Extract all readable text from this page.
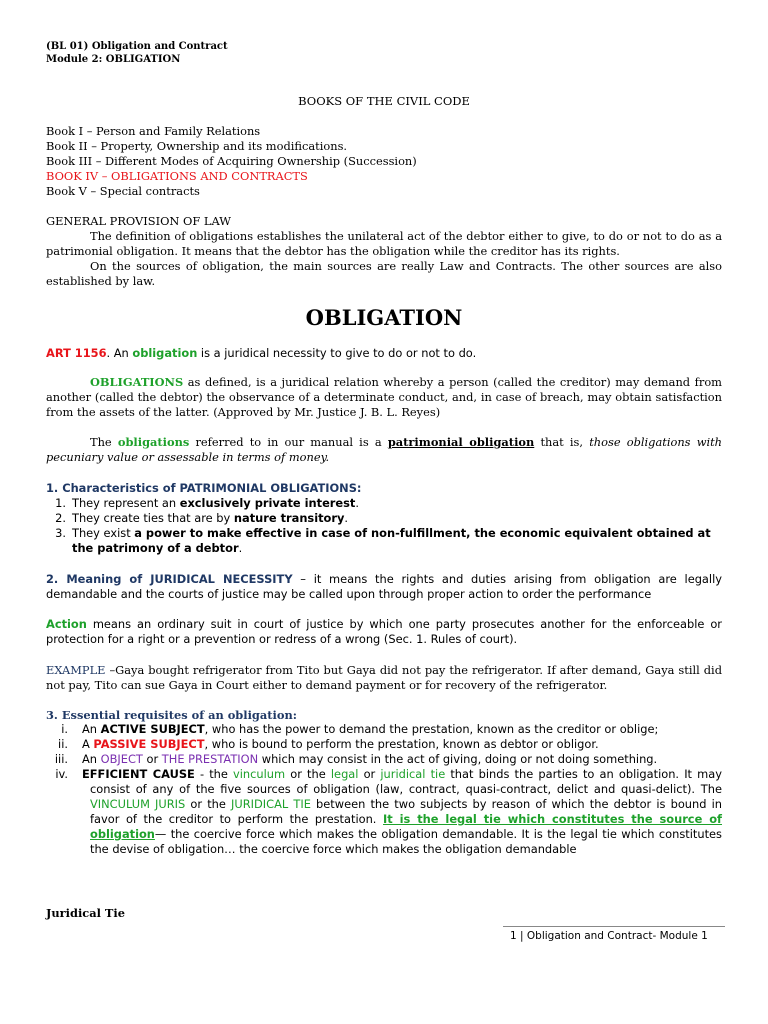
(BL 01) Obligation and Contract
Module 2: OBLIGATION
BOOKS OF THE CIVIL CODE
Book I – Person and Family Relations
Book II – Property, Ownership and its modifications.
Book III – Different Modes of Acquiring Ownership (Succession)
BOOK IV – OBLIGATIONS AND CONTRACTS
Book V – Special contracts
GENERAL PROVISION OF LAW
The definition of obligations establishes the unilateral act of the debtor either to give, to do or not to do as a patrimonial obligation. It means that the debtor has the obligation while the creditor has its rights.
On the sources of obligation, the main sources are really Law and Contracts. The other sources are also established by law.
OBLIGATION
ART 1156. An obligation is a juridical necessity to give to do or not to do.
OBLIGATIONS as defined, is a juridical relation whereby a person (called the creditor) may demand from another (called the debtor) the observance of a determinate conduct, and, in case of breach, may obtain satisfaction from the assets of the latter. (Approved by Mr. Justice J. B. L. Reyes)
The obligations referred to in our manual is a patrimonial obligation that is, those obligations with pecuniary value or assessable in terms of money.
1. Characteristics of PATRIMONIAL OBLIGATIONS:
1. They represent an exclusively private interest.
2. They create ties that are by nature transitory.
3. They exist a power to make effective in case of non-fulfillment, the economic equivalent obtained at the patrimony of a debtor.
2. Meaning of JURIDICAL NECESSITY – it means the rights and duties arising from obligation are legally demandable and the courts of justice may be called upon through proper action to order the performance
Action means an ordinary suit in court of justice by which one party prosecutes another for the enforceable or protection for a right or a prevention or redress of a wrong (Sec. 1. Rules of court).
EXAMPLE –Gaya bought refrigerator from Tito but Gaya did not pay the refrigerator. If after demand, Gaya still did not pay, Tito can sue Gaya in Court either to demand payment or for recovery of the refrigerator.
3. Essential requisites of an obligation:
i. An ACTIVE SUBJECT, who has the power to demand the prestation, known as the creditor or oblige;
ii. A PASSIVE SUBJECT, who is bound to perform the prestation, known as debtor or obligor.
iii. An OBJECT or THE PRESTATION which may consist in the act of giving, doing or not doing something.
iv. EFFICIENT CAUSE - the vinculum or the legal or juridical tie that binds the parties to an obligation. It may consist of any of the five sources of obligation (law, contract, quasi-contract, delict and quasi-delict). The VINCULUM JURIS or the JURIDICAL TIE between the two subjects by reason of which the debtor is bound in favor of the creditor to perform the prestation. It is the legal tie which constitutes the source of obligation— the coercive force which makes the obligation demandable. It is the legal tie which constitutes the devise of obligation… the coercive force which makes the obligation demandable
Juridical Tie
1 | Obligation and Contract- Module 1
